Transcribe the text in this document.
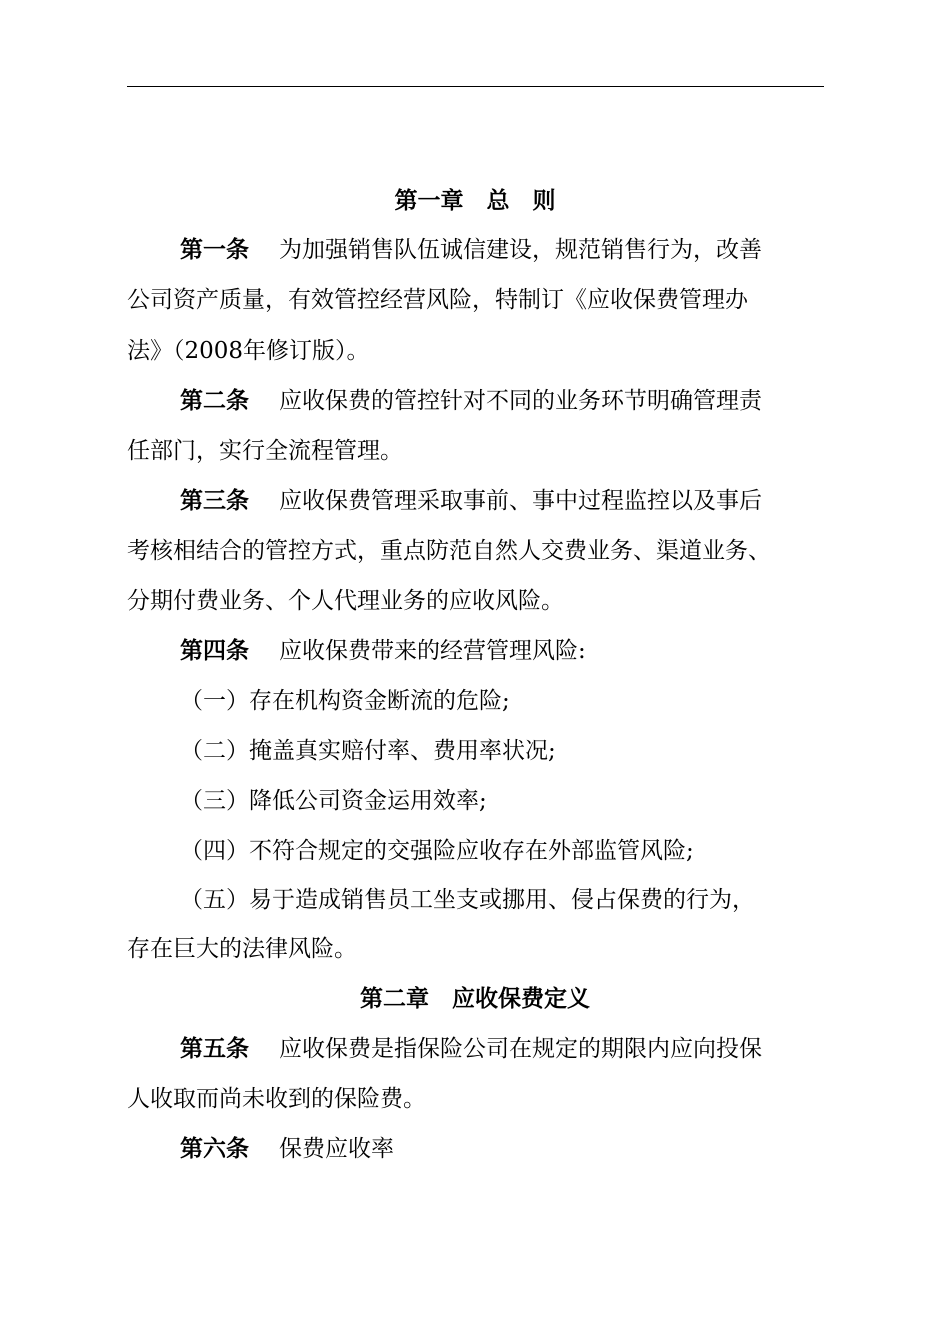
第一章　总　则
第一条 为加强销售队伍诚信建设，规范销售行为，改善
公司资产质量，有效管控经营风险，特制订《应收保费管理办
法》（2008年修订版）。
第二条 应收保费的管控针对不同的业务环节明确管理责
任部门，实行全流程管理。
第三条 应收保费管理采取事前、事中过程监控以及事后
考核相结合的管控方式，重点防范自然人交费业务、渠道业务、
分期付费业务、个人代理业务的应收风险。
第四条 应收保费带来的经营管理风险:
（一）存在机构资金断流的危险;
（二）掩盖真实赔付率、费用率状况;
（三）降低公司资金运用效率;
（四）不符合规定的交强险应收存在外部监管风险;
（五）易于造成销售员工坐支或挪用、侵占保费的行为，
存在巨大的法律风险。
第二章　应收保费定义
第五条 应收保费是指保险公司在规定的期限内应向投保
人收取而尚未收到的保险费。
第六条 保费应收率
